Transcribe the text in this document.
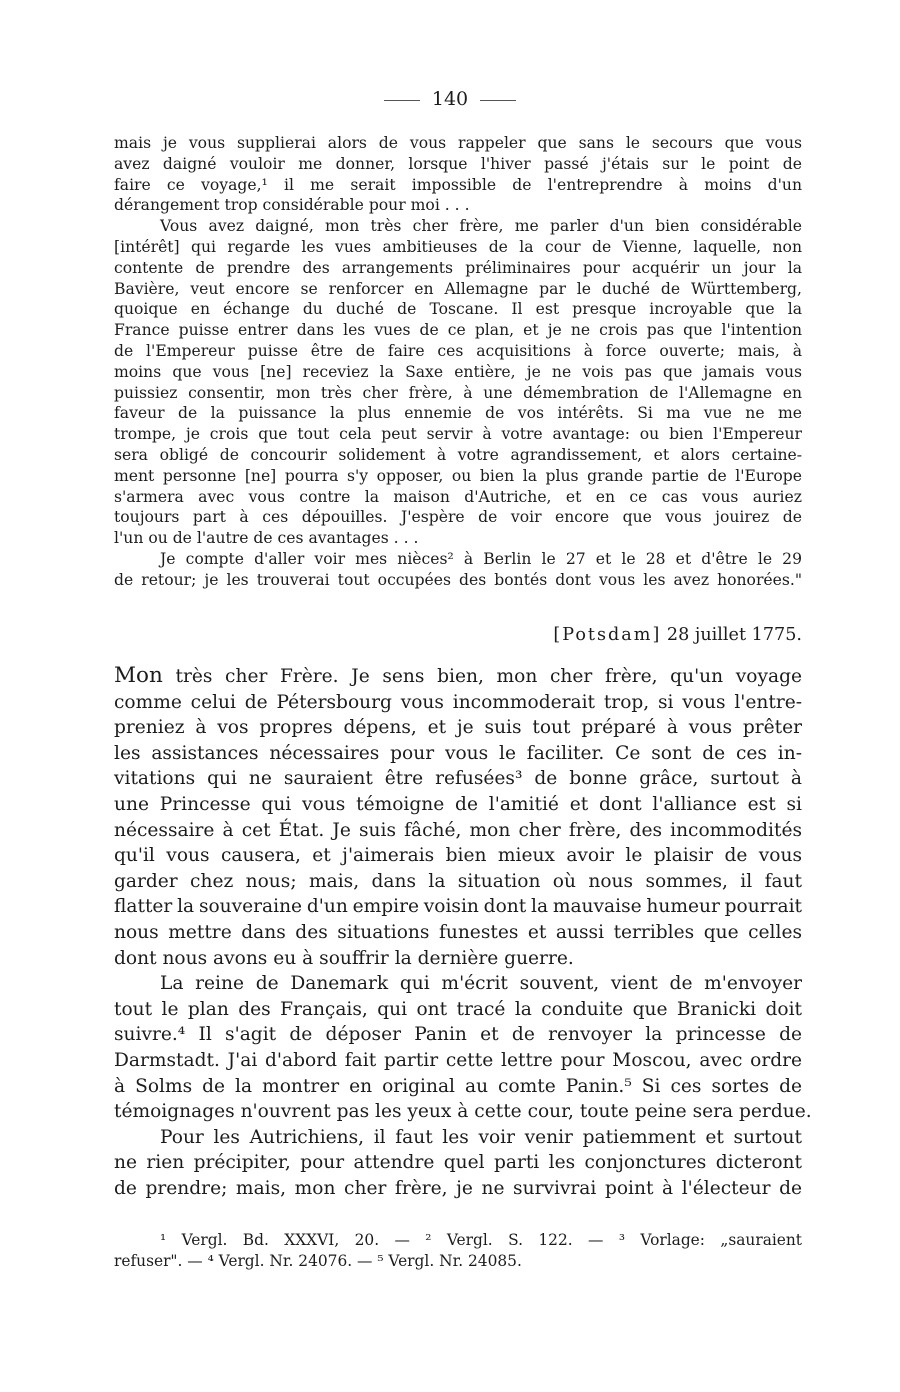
140
mais je vous supplierai alors de vous rappeler que sans le secours que vous
avez daigné vouloir me donner, lorsque l'hiver passé j'étais sur le point de
faire ce voyage,¹ il me serait impossible de l'entreprendre à moins d'un
dérangement trop considérable pour moi . . .
Vous avez daigné, mon très cher frère, me parler d'un bien considérable
[intérêt] qui regarde les vues ambitieuses de la cour de Vienne, laquelle, non
contente de prendre des arrangements préliminaires pour acquérir un jour la
Bavière, veut encore se renforcer en Allemagne par le duché de Württemberg,
quoique en échange du duché de Toscane. Il est presque incroyable que la
France puisse entrer dans les vues de ce plan, et je ne crois pas que l'intention
de l'Empereur puisse être de faire ces acquisitions à force ouverte; mais, à
moins que vous [ne] receviez la Saxe entière, je ne vois pas que jamais vous
puissiez consentir, mon très cher frère, à une démembration de l'Allemagne en
faveur de la puissance la plus ennemie de vos intérêts. Si ma vue ne me
trompe, je crois que tout cela peut servir à votre avantage: ou bien l'Empereur
sera obligé de concourir solidement à votre agrandissement, et alors certaine-
ment personne [ne] pourra s'y opposer, ou bien la plus grande partie de l'Europe
s'armera avec vous contre la maison d'Autriche, et en ce cas vous auriez
toujours part à ces dépouilles. J'espère de voir encore que vous jouirez de
l'un ou de l'autre de ces avantages . . .
Je compte d'aller voir mes nièces² à Berlin le 27 et le 28 et d'être le 29
de retour; je les trouverai tout occupées des bontés dont vous les avez honorées."
[Potsdam] 28 juillet 1775.
Mon très cher Frère. Je sens bien, mon cher frère, qu'un voyage
comme celui de Pétersbourg vous incommoderait trop, si vous l'entre-
preniez à vos propres dépens, et je suis tout préparé à vous prêter
les assistances nécessaires pour vous le faciliter. Ce sont de ces in-
vitations qui ne sauraient être refusées³ de bonne grâce, surtout à
une Princesse qui vous témoigne de l'amitié et dont l'alliance est si
nécessaire à cet État. Je suis fâché, mon cher frère, des incommodités
qu'il vous causera, et j'aimerais bien mieux avoir le plaisir de vous
garder chez nous; mais, dans la situation où nous sommes, il faut
flatter la souveraine d'un empire voisin dont la mauvaise humeur pourrait
nous mettre dans des situations funestes et aussi terribles que celles
dont nous avons eu à souffrir la dernière guerre.
La reine de Danemark qui m'écrit souvent, vient de m'envoyer
tout le plan des Français, qui ont tracé la conduite que Branicki doit
suivre.⁴ Il s'agit de déposer Panin et de renvoyer la princesse de
Darmstadt. J'ai d'abord fait partir cette lettre pour Moscou, avec ordre
à Solms de la montrer en original au comte Panin.⁵ Si ces sortes de
témoignages n'ouvrent pas les yeux à cette cour, toute peine sera perdue.
Pour les Autrichiens, il faut les voir venir patiemment et surtout
ne rien précipiter, pour attendre quel parti les conjonctures dicteront
de prendre; mais, mon cher frère, je ne survivrai point à l'électeur de
¹ Vergl. Bd. XXXVI, 20. — ² Vergl. S. 122. — ³ Vorlage: „sauraient
refuser". — ⁴ Vergl. Nr. 24076. — ⁵ Vergl. Nr. 24085.
